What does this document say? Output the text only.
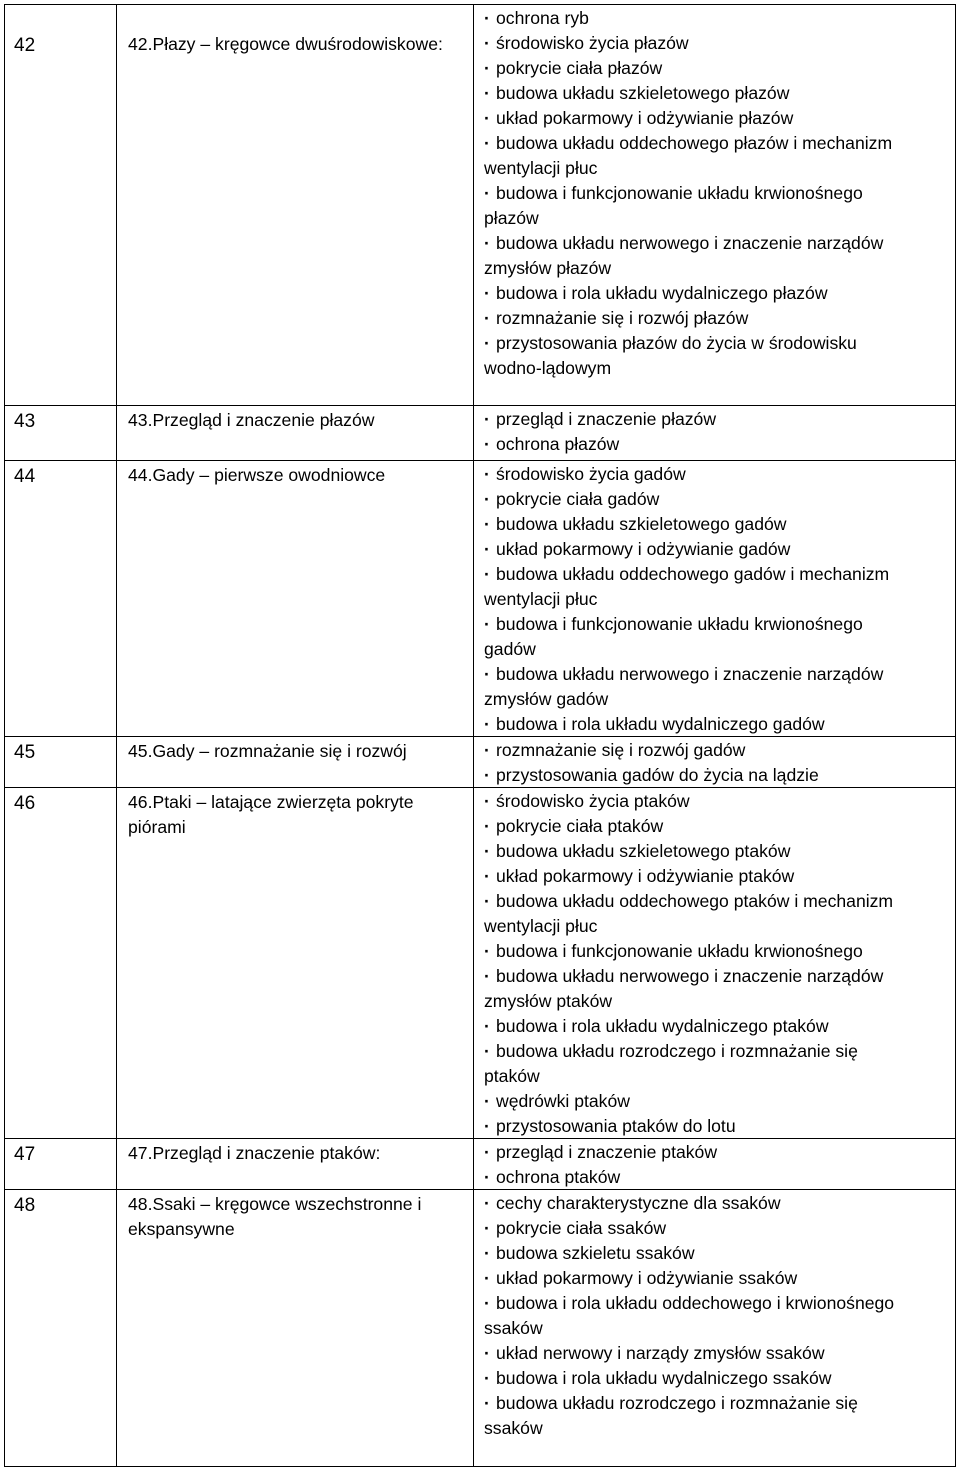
42	42.Płazy – kręgowce dwuśrodowiskowe:
· ochrona ryb
· środowisko życia płazów
· pokrycie ciała płazów
· budowa układu szkieletowego płazów
· układ pokarmowy i odżywianie płazów
· budowa układu oddechowego płazów i mechanizm
wentylacji płuc
· budowa i funkcjonowanie układu krwionośnego
płazów
· budowa układu nerwowego i znaczenie narządów
zmysłów płazów
· budowa i rola układu wydalniczego płazów
· rozmnażanie się i rozwój płazów
· przystosowania płazów do życia w środowisku
wodno-lądowym
43	43.Przegląd i znaczenie płazów	· przegląd i znaczenie płazów
· ochrona płazów
44	44.Gady – pierwsze owodniowce	· środowisko życia gadów
· pokrycie ciała gadów
· budowa układu szkieletowego gadów
· układ pokarmowy i odżywianie gadów
· budowa układu oddechowego gadów i mechanizm
wentylacji płuc
· budowa i funkcjonowanie układu krwionośnego
gadów
· budowa układu nerwowego i znaczenie narządów
zmysłów gadów
· budowa i rola układu wydalniczego gadów
45	45.Gady – rozmnażanie się i rozwój	· rozmnażanie się i rozwój gadów
· przystosowania gadów do życia na lądzie
46	46.Ptaki – latające zwierzęta pokryte piórami
· środowisko życia ptaków
· pokrycie ciała ptaków
· budowa układu szkieletowego ptaków
· układ pokarmowy i odżywianie ptaków
· budowa układu oddechowego ptaków i mechanizm
wentylacji płuc
· budowa i funkcjonowanie układu krwionośnego
· budowa układu nerwowego i znaczenie narządów
zmysłów ptaków
· budowa i rola układu wydalniczego ptaków
· budowa układu rozrodczego i rozmnażanie się
ptaków
· wędrówki ptaków
· przystosowania ptaków do lotu
47	47.Przegląd i znaczenie ptaków:	· przegląd i znaczenie ptaków
· ochrona ptaków
48	48.Ssaki – kręgowce wszechstronne i ekspansywne
· cechy charakterystyczne dla ssaków
· pokrycie ciała ssaków
· budowa szkieletu ssaków
· układ pokarmowy i odżywianie ssaków
· budowa i rola układu oddechowego i krwionośnego
ssaków
· układ nerwowy i narządy zmysłów ssaków
· budowa i rola układu wydalniczego ssaków
· budowa układu rozrodczego i rozmnażanie się
ssaków
